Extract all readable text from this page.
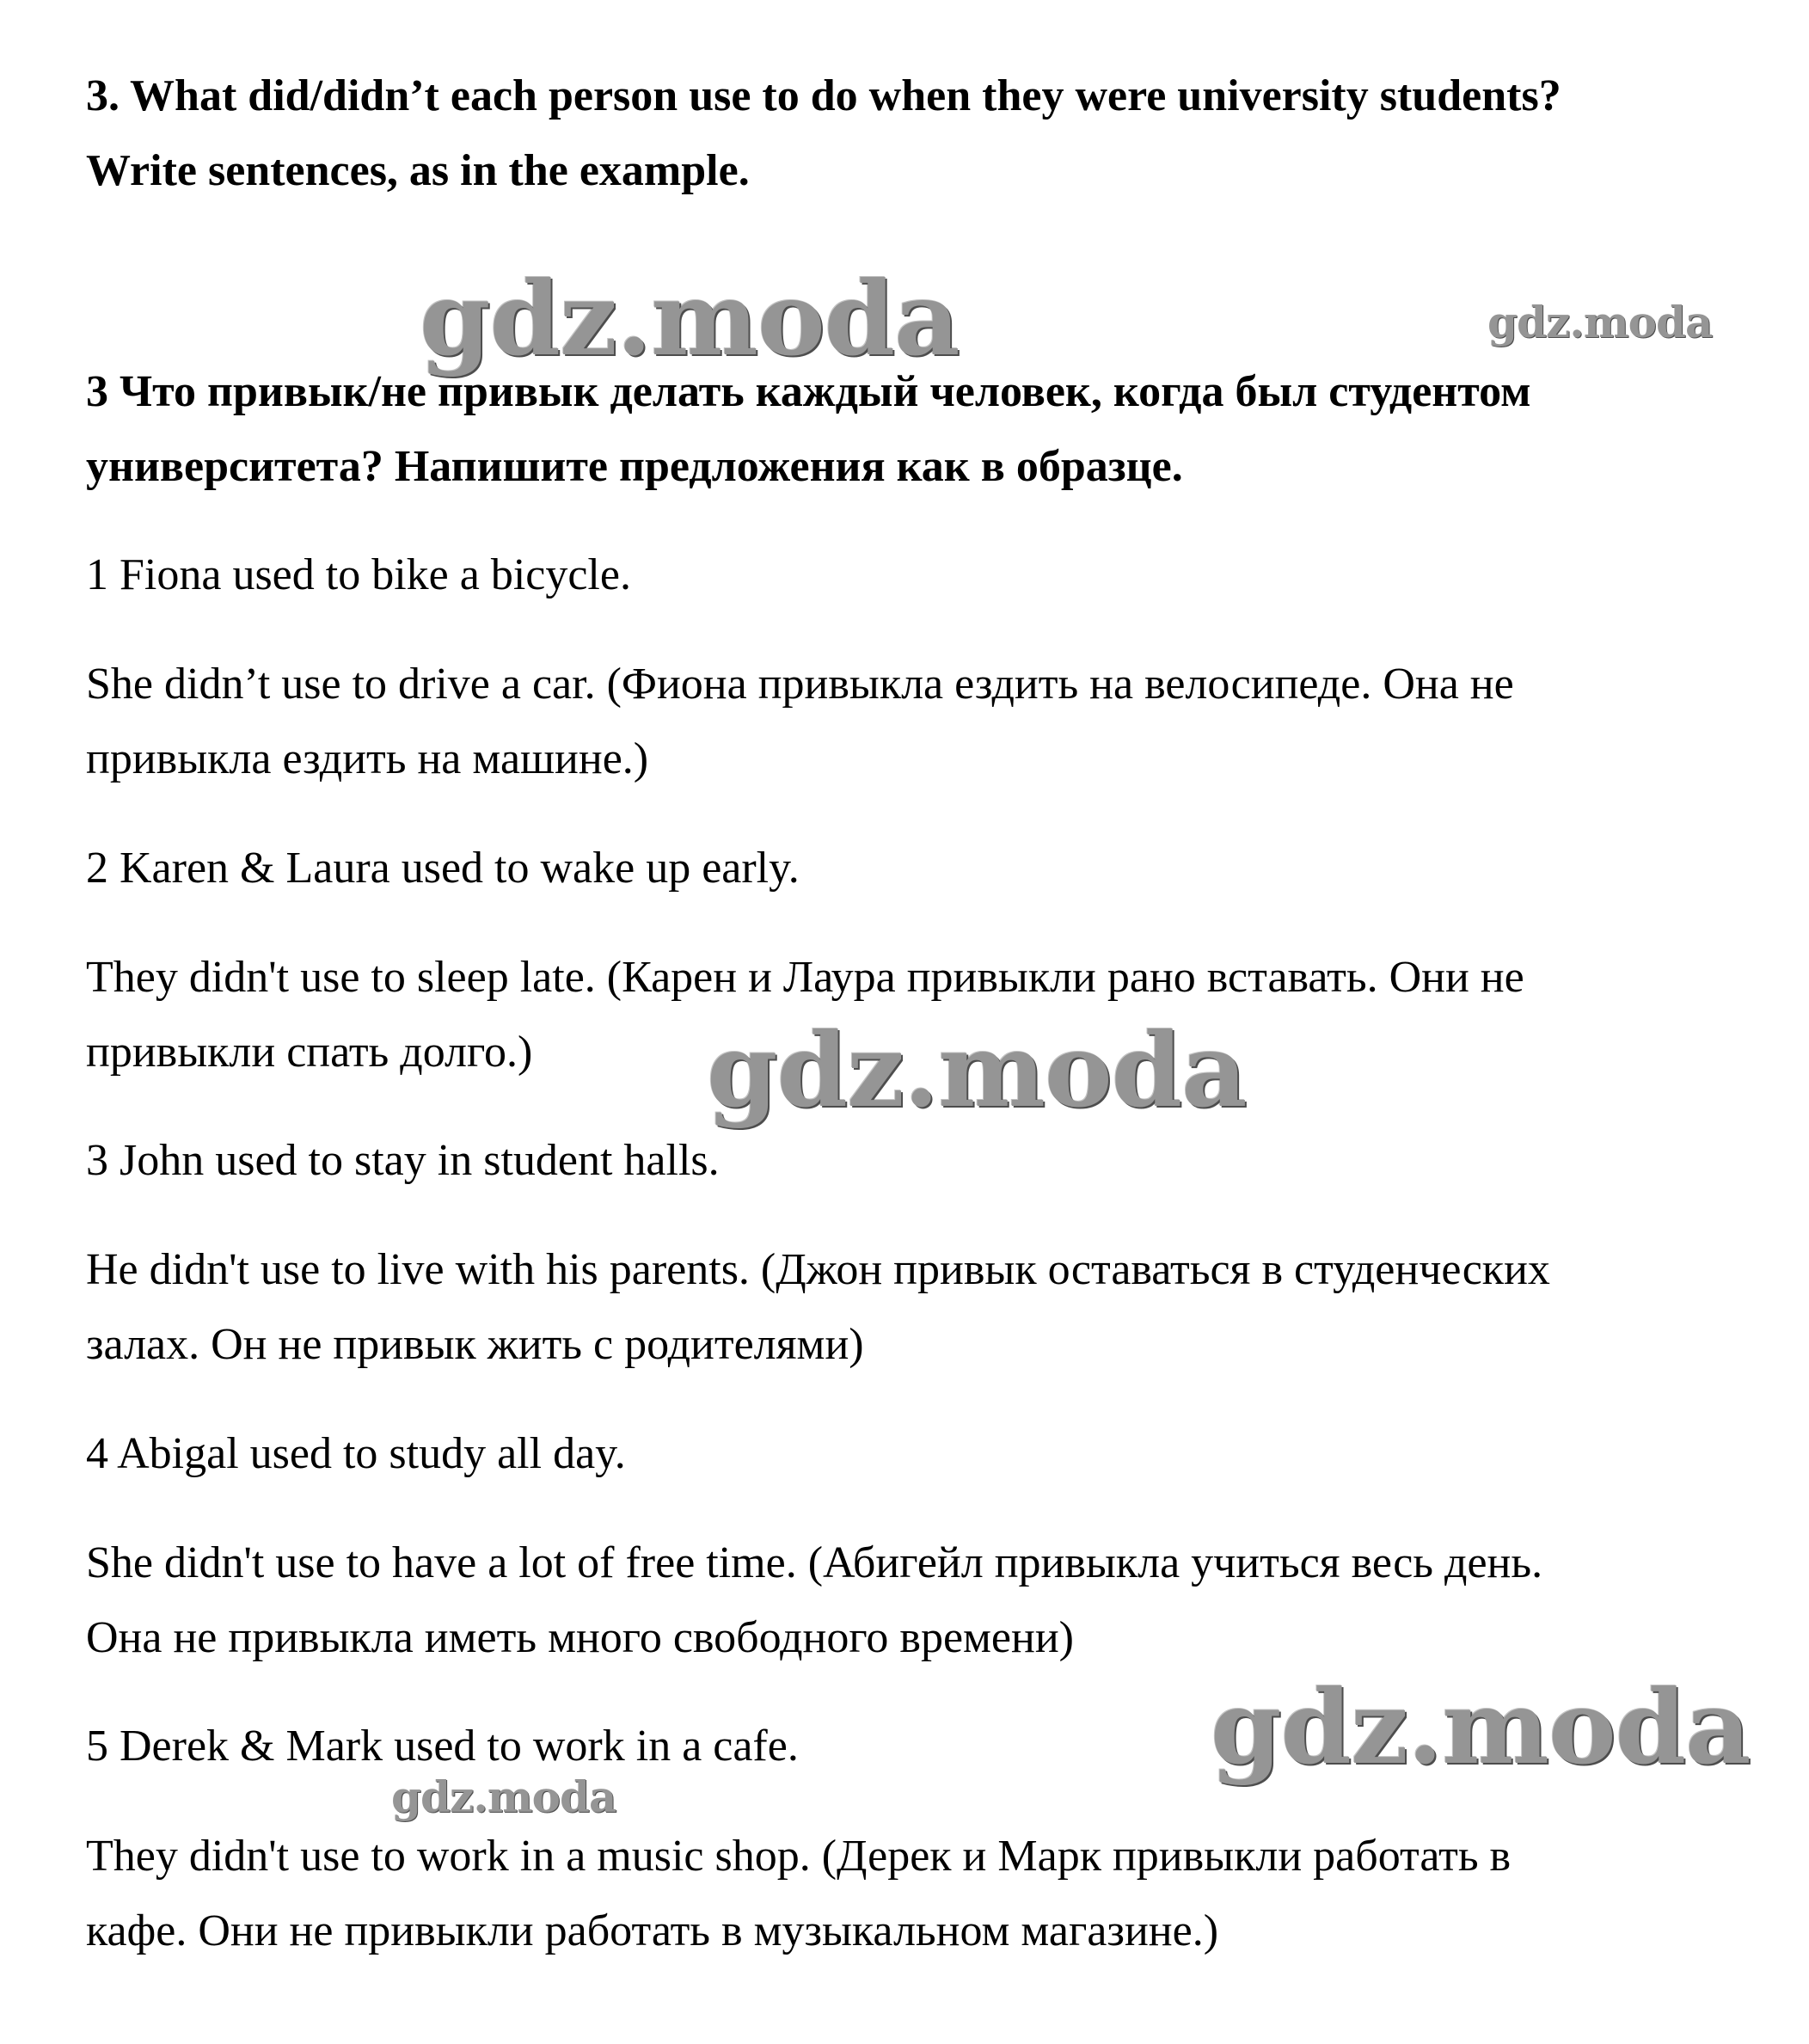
3. What did/didn’t each person use to do when they were university students?

Write sentences, as in the example.

3 Что привык/не привык делать каждый человек, когда был студентом

университета? Напишите предложения как в образце.

1 Fiona used to bike a bicycle.

She didn’t use to drive a car. (Фиона привыкла ездить на велосипеде. Она не

привыкла ездить на машине.)

2 Karen & Laura used to wake up early.

They didn't use to sleep late. (Карен и Лаура привыкли рано вставать. Они не

привыкли спать долго.)

3 John used to stay in student halls.

He didn't use to live with his parents. (Джон привык оставаться в студенческих

залах. Он не привык жить с родителями)

4 Abigal used to study all day.

She didn't use to have a lot of free time. (Абигейл привыкла учиться весь день.

Она не привыкла иметь много свободного времени)

5 Derek & Mark used to work in a cafe.

They didn't use to work in a music shop. (Дерек и Марк привыкли работать в

кафе. Они не привыкли работать в музыкальном магазине.)

gdz.moda	gdz.moda
gdz.moda
gdz.moda
gdz.moda
